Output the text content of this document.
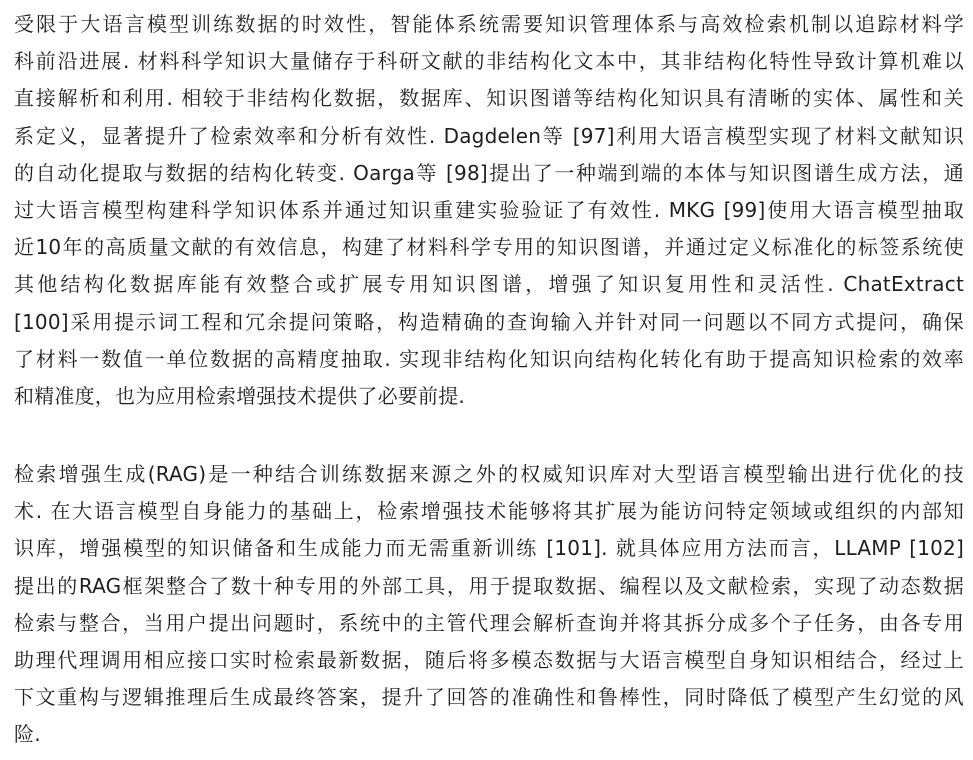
受限于大语言模型训练数据的时效性，智能体系统需要知识管理体系与高效检索机制以追踪材料学
科前沿进展. 材料科学知识大量储存于科研文献的非结构化文本中，其非结构化特性导致计算机难以
直接解析和利用. 相较于非结构化数据，数据库、知识图谱等结构化知识具有清晰的实体、属性和关
系定义，显著提升了检索效率和分析有效性. Dagdelen等 [97]利用大语言模型实现了材料文献知识
的自动化提取与数据的结构化转变. Oarga等 [98]提出了一种端到端的本体与知识图谱生成方法，通
过大语言模型构建科学知识体系并通过知识重建实验验证了有效性. MKG [99]使用大语言模型抽取
近10年的高质量文献的有效信息，构建了材料科学专用的知识图谱，并通过定义标准化的标签系统使
其他结构化数据库能有效整合或扩展专用知识图谱，增强了知识复用性和灵活性. ChatExtract
[100]采用提示词工程和冗余提问策略，构造精确的查询输入并针对同一问题以不同方式提问，确保
了材料一数值一单位数据的高精度抽取. 实现非结构化知识向结构化转化有助于提高知识检索的效率
和精准度，也为应用检索增强技术提供了必要前提.
检索增强生成(RAG)是一种结合训练数据来源之外的权威知识库对大型语言模型输出进行优化的技
术. 在大语言模型自身能力的基础上，检索增强技术能够将其扩展为能访问特定领域或组织的内部知
识库，增强模型的知识储备和生成能力而无需重新训练 [101]. 就具体应用方法而言，LLAMP [102]
提出的RAG框架整合了数十种专用的外部工具，用于提取数据、编程以及文献检索，实现了动态数据
检索与整合，当用户提出问题时，系统中的主管代理会解析查询并将其拆分成多个子任务，由各专用
助理代理调用相应接口实时检索最新数据，随后将多模态数据与大语言模型自身知识相结合，经过上
下文重构与逻辑推理后生成最终答案，提升了回答的准确性和鲁棒性，同时降低了模型产生幻觉的风
险.
